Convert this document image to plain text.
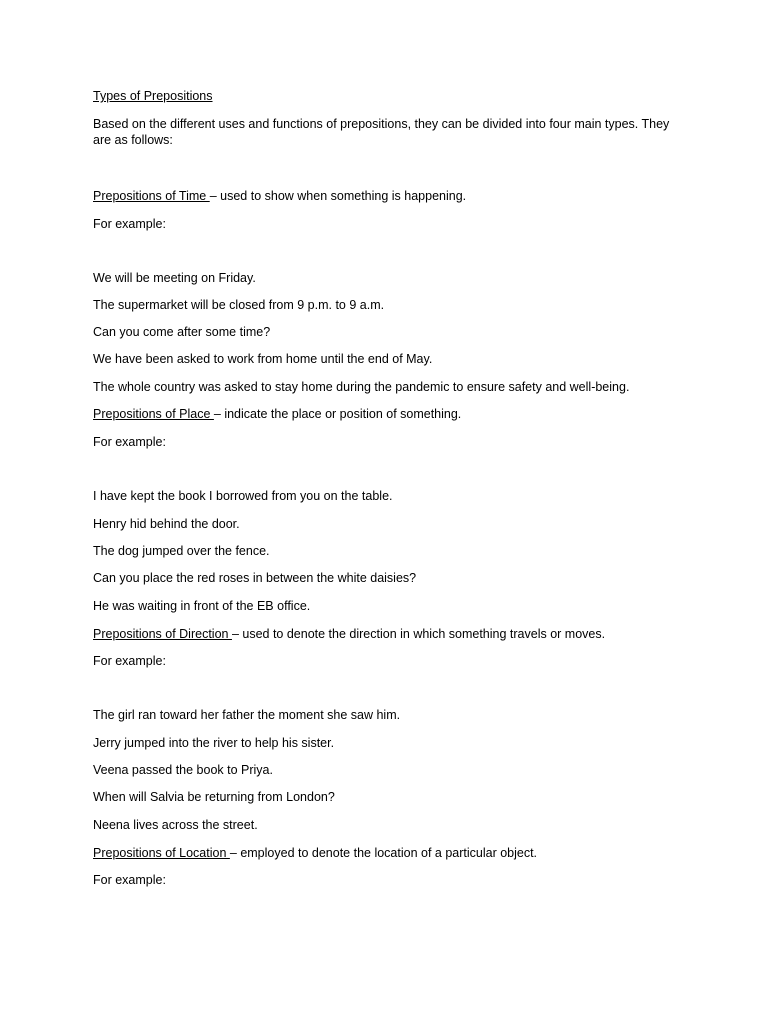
Types of Prepositions
Based on the different uses and functions of prepositions, they can be divided into four main types. They are as follows:
Prepositions of Time – used to show when something is happening.
For example:
We will be meeting on Friday.
The supermarket will be closed from 9 p.m. to 9 a.m.
Can you come after some time?
We have been asked to work from home until the end of May.
The whole country was asked to stay home during the pandemic to ensure safety and well-being.
Prepositions of Place – indicate the place or position of something.
For example:
I have kept the book I borrowed from you on the table.
Henry hid behind the door.
The dog jumped over the fence.
Can you place the red roses in between the white daisies?
He was waiting in front of the EB office.
Prepositions of Direction – used to denote the direction in which something travels or moves.
For example:
The girl ran toward her father the moment she saw him.
Jerry jumped into the river to help his sister.
Veena passed the book to Priya.
When will Salvia be returning from London?
Neena lives across the street.
Prepositions of Location – employed to denote the location of a particular object.
For example:
